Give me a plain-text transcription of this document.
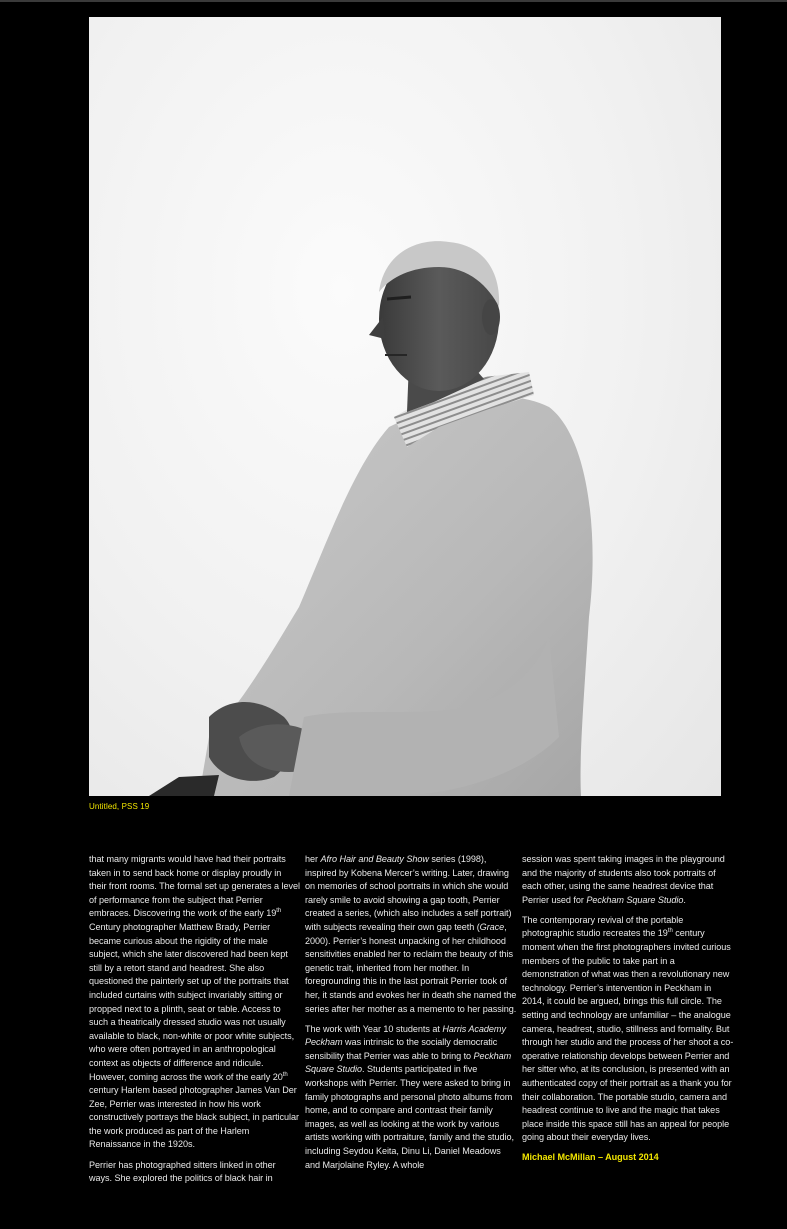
Untitled, PSS 19

that many migrants would have had their portraits taken in to send back home or display proudly in their front rooms. The formal set up generates a level of performance from the subject that Perrier embraces. Discovering the work of the early 19th Century photographer Matthew Brady, Perrier became curious about the rigidity of the male subject, which she later discovered had been kept still by a retort stand and headrest. She also questioned the painterly set up of the portraits that included curtains with subject invariably sitting or propped next to a plinth, seat or table. Access to such a theatrically dressed studio was not usually available to black, non-white or poor white subjects, who were often portrayed in an anthropological context as objects of difference and ridicule. However, coming across the work of the early 20th century Harlem based photographer James Van Der Zee, Perrier was interested in how his work constructively portrays the black subject, in particular the work produced as part of the Harlem Renaissance in the 1920s.

Perrier has photographed sitters linked in other ways. She explored the politics of black hair in

her Afro Hair and Beauty Show series (1998), inspired by Kobena Mercer’s writing. Later, drawing on memories of school portraits in which she would rarely smile to avoid showing a gap tooth, Perrier created a series, (which also includes a self portrait) with subjects revealing their own gap teeth (Grace, 2000). Perrier’s honest unpacking of her childhood sensitivities enabled her to reclaim the beauty of this genetic trait, inherited from her mother. In foregrounding this in the last portrait Perrier took of her, it stands and evokes her in death she named the series after her mother as a memento to her passing.

The work with Year 10 students at Harris Academy Peckham was intrinsic to the socially democratic sensibility that Perrier was able to bring to Peckham Square Studio. Students participated in five workshops with Perrier. They were asked to bring in family photographs and personal photo albums from home, and to compare and contrast their family images, as well as looking at the work by various artists working with portraiture, family and the studio, including Seydou Keita, Dinu Li, Daniel Meadows and Marjolaine Ryley. A whole

session was spent taking images in the playground and the majority of students also took portraits of each other, using the same headrest device that Perrier used for Peckham Square Studio.

The contemporary revival of the portable photographic studio recreates the 19th century moment when the first photographers invited curious members of the public to take part in a demonstration of what was then a revolutionary new technology. Perrier’s intervention in Peckham in 2014, it could be argued, brings this full circle. The setting and technology are unfamiliar – the analogue camera, headrest, studio, stillness and formality. But through her studio and the process of her shoot a co-operative relationship develops between Perrier and her sitter who, at its conclusion, is presented with an authenticated copy of their portrait as a thank you for their collaboration. The portable studio, camera and headrest continue to live and the magic that takes place inside this space still has an appeal for people going about their everyday lives.

Michael McMillan – August 2014
